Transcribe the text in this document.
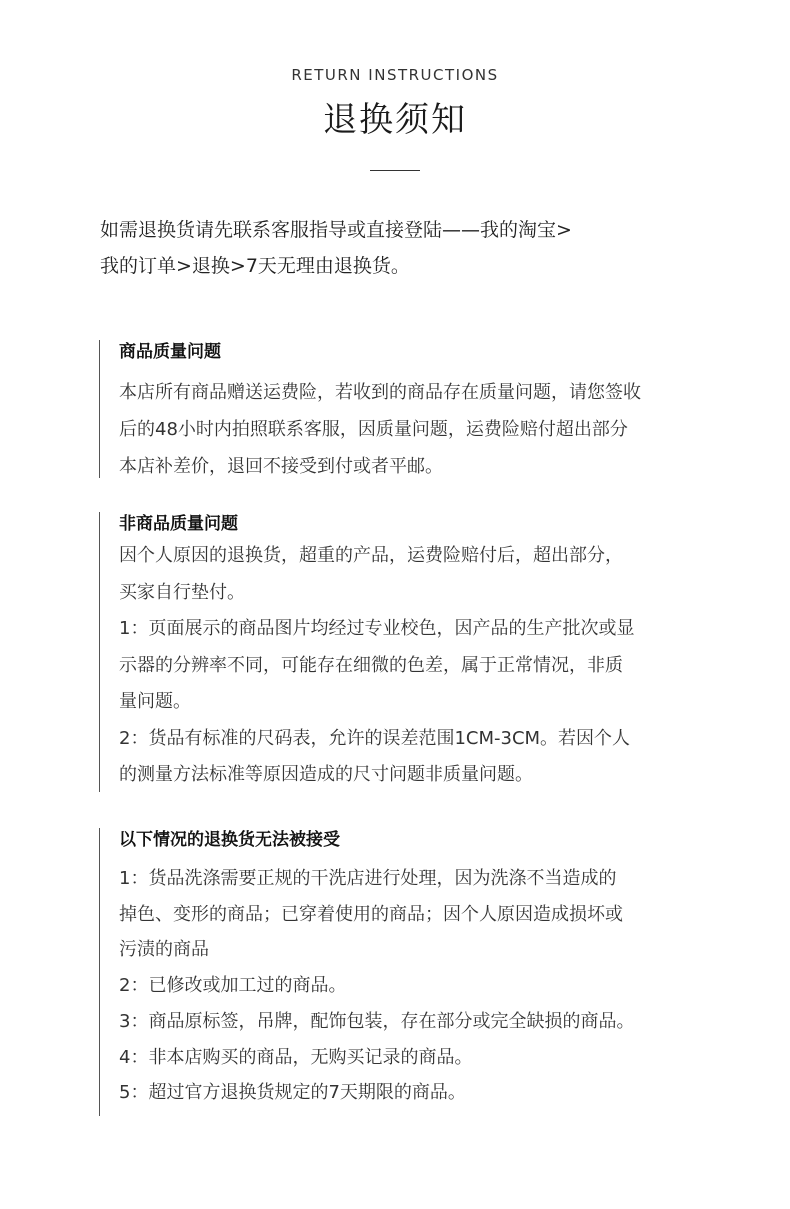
RETURN INSTRUCTIONS
退换须知

如需退换货请先联系客服指导或直接登陆——我的淘宝>

我的订单>退换>7天无理由退换货。

商品质量问题

本店所有商品赠送运费险，若收到的商品存在质量问题，请您签收

后的48小时内拍照联系客服，因质量问题，运费险赔付超出部分

本店补差价，退回不接受到付或者平邮。

非商品质量问题

因个人原因的退换货，超重的产品，运费险赔付后，超出部分，

买家自行垫付。

1：页面展示的商品图片均经过专业校色，因产品的生产批次或显

示器的分辨率不同，可能存在细微的色差，属于正常情况，非质

量问题。

2：货品有标准的尺码表，允许的误差范围1CM-3CM。若因个人

的测量方法标准等原因造成的尺寸问题非质量问题。

以下情况的退换货无法被接受

1：货品洗涤需要正规的干洗店进行处理，因为洗涤不当造成的

掉色、变形的商品；已穿着使用的商品；因个人原因造成损坏或

污渍的商品

2：已修改或加工过的商品。

3：商品原标签，吊牌，配饰包装，存在部分或完全缺损的商品。

4：非本店购买的商品，无购买记录的商品。

5：超过官方退换货规定的7天期限的商品。
